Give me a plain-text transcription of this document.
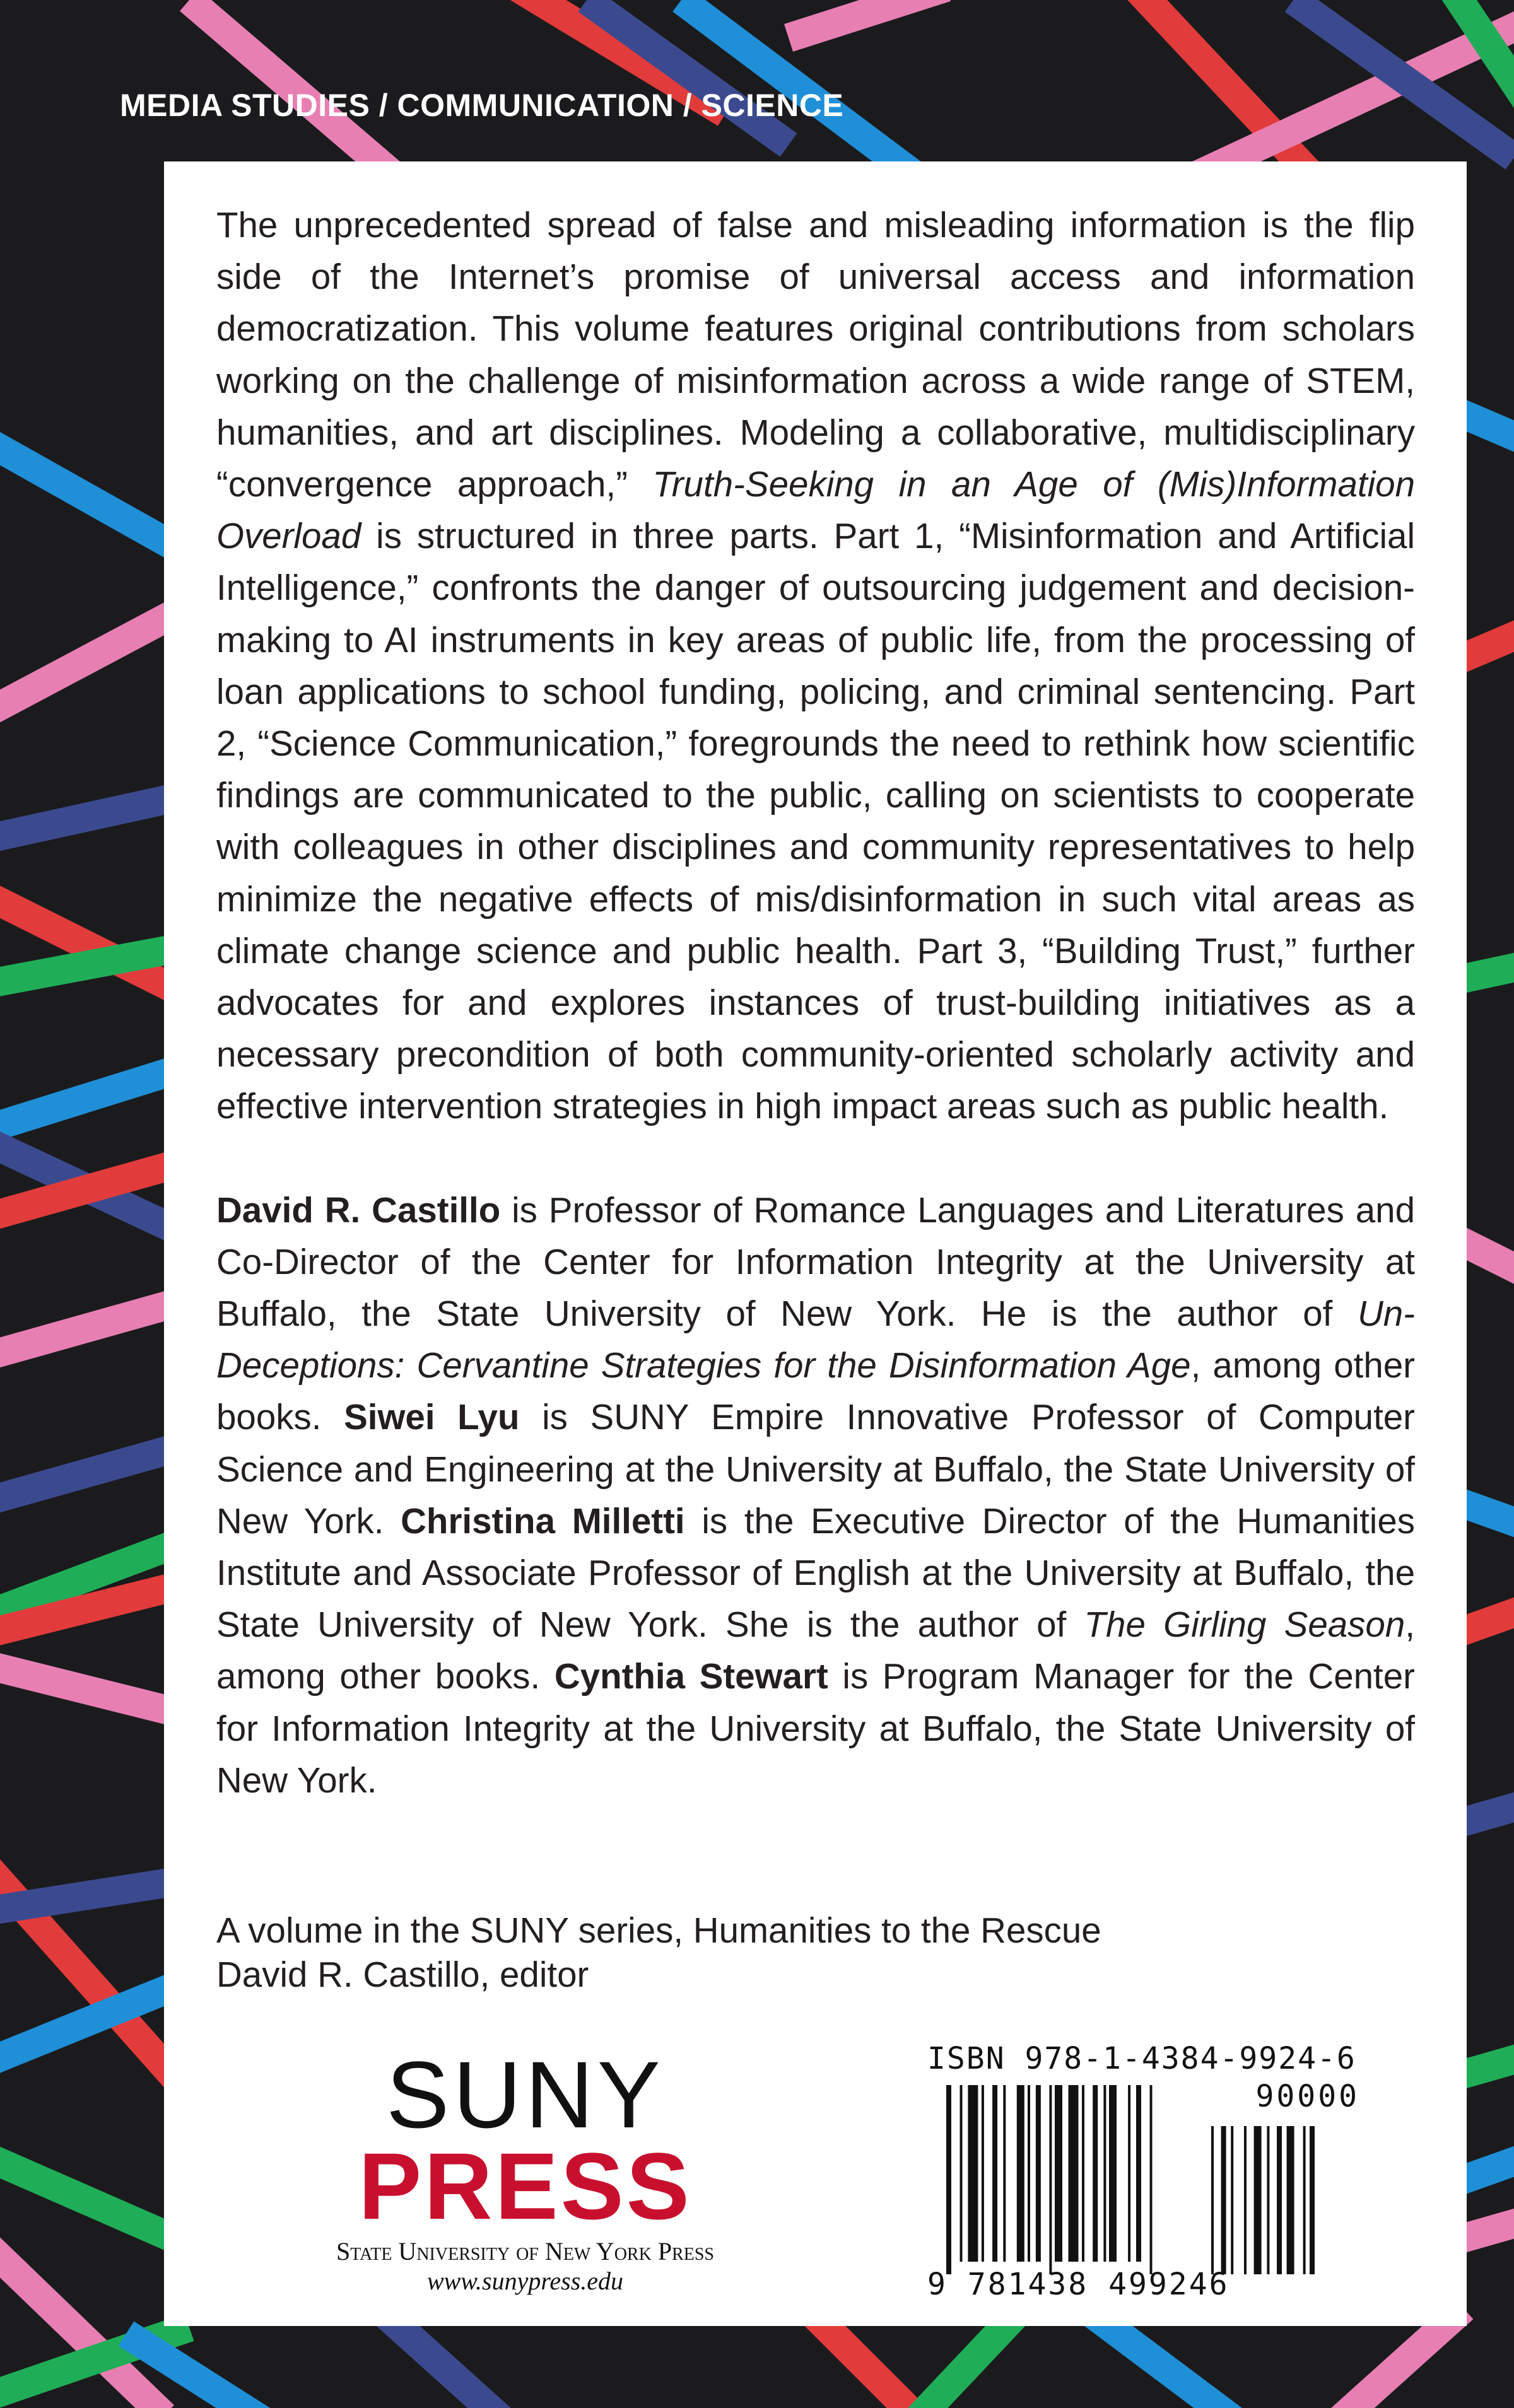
MEDIA STUDIES / COMMUNICATION / SCIENCE

The unprecedented spread of false and misleading information is the flip side of the Internet’s promise of universal access and information democratization. This volume features original contributions from scholars working on the challenge of misinformation across a wide range of STEM, humanities, and art disciplines. Modeling a collaborative, multidisciplinary “convergence approach,” Truth-Seeking in an Age of (Mis)Information Overload is structured in three parts. Part 1, “Misinformation and Artificial Intelligence,” confronts the danger of outsourcing judgement and decision-making to AI instruments in key areas of public life, from the processing of loan applications to school funding, policing, and criminal sentencing. Part 2, “Science Communication,” foregrounds the need to rethink how scientific findings are communicated to the public, calling on scientists to cooperate with colleagues in other disciplines and community representatives to help minimize the negative effects of mis/disinformation in such vital areas as climate change science and public health. Part 3, “Building Trust,” further advocates for and explores instances of trust-building initiatives as a necessary precondition of both community-oriented scholarly activity and effective intervention strategies in high impact areas such as public health.

David R. Castillo is Professor of Romance Languages and Literatures and Co-Director of the Center for Information Integrity at the University at Buffalo, the State University of New York. He is the author of Un-Deceptions: Cervantine Strategies for the Disinformation Age, among other books. Siwei Lyu is SUNY Empire Innovative Professor of Computer Science and Engineering at the University at Buffalo, the State University of New York. Christina Milletti is the Executive Director of the Humanities Institute and Associate Professor of English at the University at Buffalo, the State University of New York. She is the author of The Girling Season, among other books. Cynthia Stewart is Program Manager for the Center for Information Integrity at the University at Buffalo, the State University of New York.

A volume in the SUNY series, Humanities to the Rescue
David R. Castillo, editor
SUNY
PRESS
State University of New York Press
www.sunypress.edu
ISBN 978-1-4384-9924-6
90000
9 781438 499246
